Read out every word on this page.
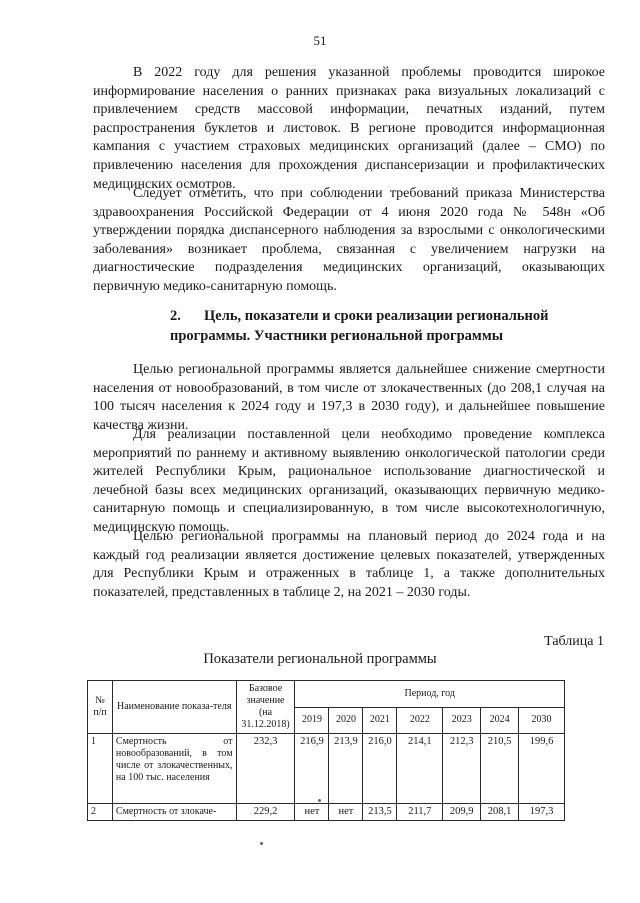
51

В 2022 году для решения указанной проблемы проводится широкое информирование населения о ранних признаках рака визуальных локализаций с привлечением средств массовой информации, печатных изданий, путем распространения буклетов и листовок. В регионе проводится информационная кампания с участием страховых медицинских организаций (далее – СМО) по привлечению населения для прохождения диспансеризации и профилактических медицинских осмотров.

Следует отметить, что при соблюдении требований приказа Министерства здравоохранения Российской Федерации от 4 июня 2020 года № 548н «Об утверждении порядка диспансерного наблюдения за взрослыми с онкологическими заболевания» возникает проблема, связанная с увеличением нагрузки на диагностические подразделения медицинских организаций, оказывающих первичную медико-санитарную помощь.

2. Цель, показатели и сроки реализации региональной программы. Участники региональной программы

Целью региональной программы является дальнейшее снижение смертности населения от новообразований, в том числе от злокачественных (до 208,1 случая на 100 тысяч населения к 2024 году и 197,3 в 2030 году), и дальнейшее повышение качества жизни.

Для реализации поставленной цели необходимо проведение комплекса мероприятий по раннему и активному выявлению онкологической патологии среди жителей Республики Крым, рациональное использование диагностической и лечебной базы всех медицинских организаций, оказывающих первичную медико-санитарную помощь и специализированную, в том числе высокотехнологичную, медицинскую помощь.

Целью региональной программы на плановый период до 2024 года и на каждый год реализации является достижение целевых показателей, утвержденных для Республики Крым и отраженных в таблице 1, а также дополнительных показателей, представленных в таблице 2, на 2021 – 2030 годы.

Таблица 1
Показатели региональной программы
№ п/п	Наименование показа-теля	Базовое значение (на 31.12.2018)	Период, год						
			2019	2020	2021	2022	2023	2024	2030
1	Смертность от новообразований, в том числе от злокачественных, на 100 тыс. населения	232,3	216,9	213,9	216,0	214,1	212,3	210,5	199,6
2	Смертность от злокаче-	229,2	нет	нет	213,5	211,7	209,9	208,1	197,3
